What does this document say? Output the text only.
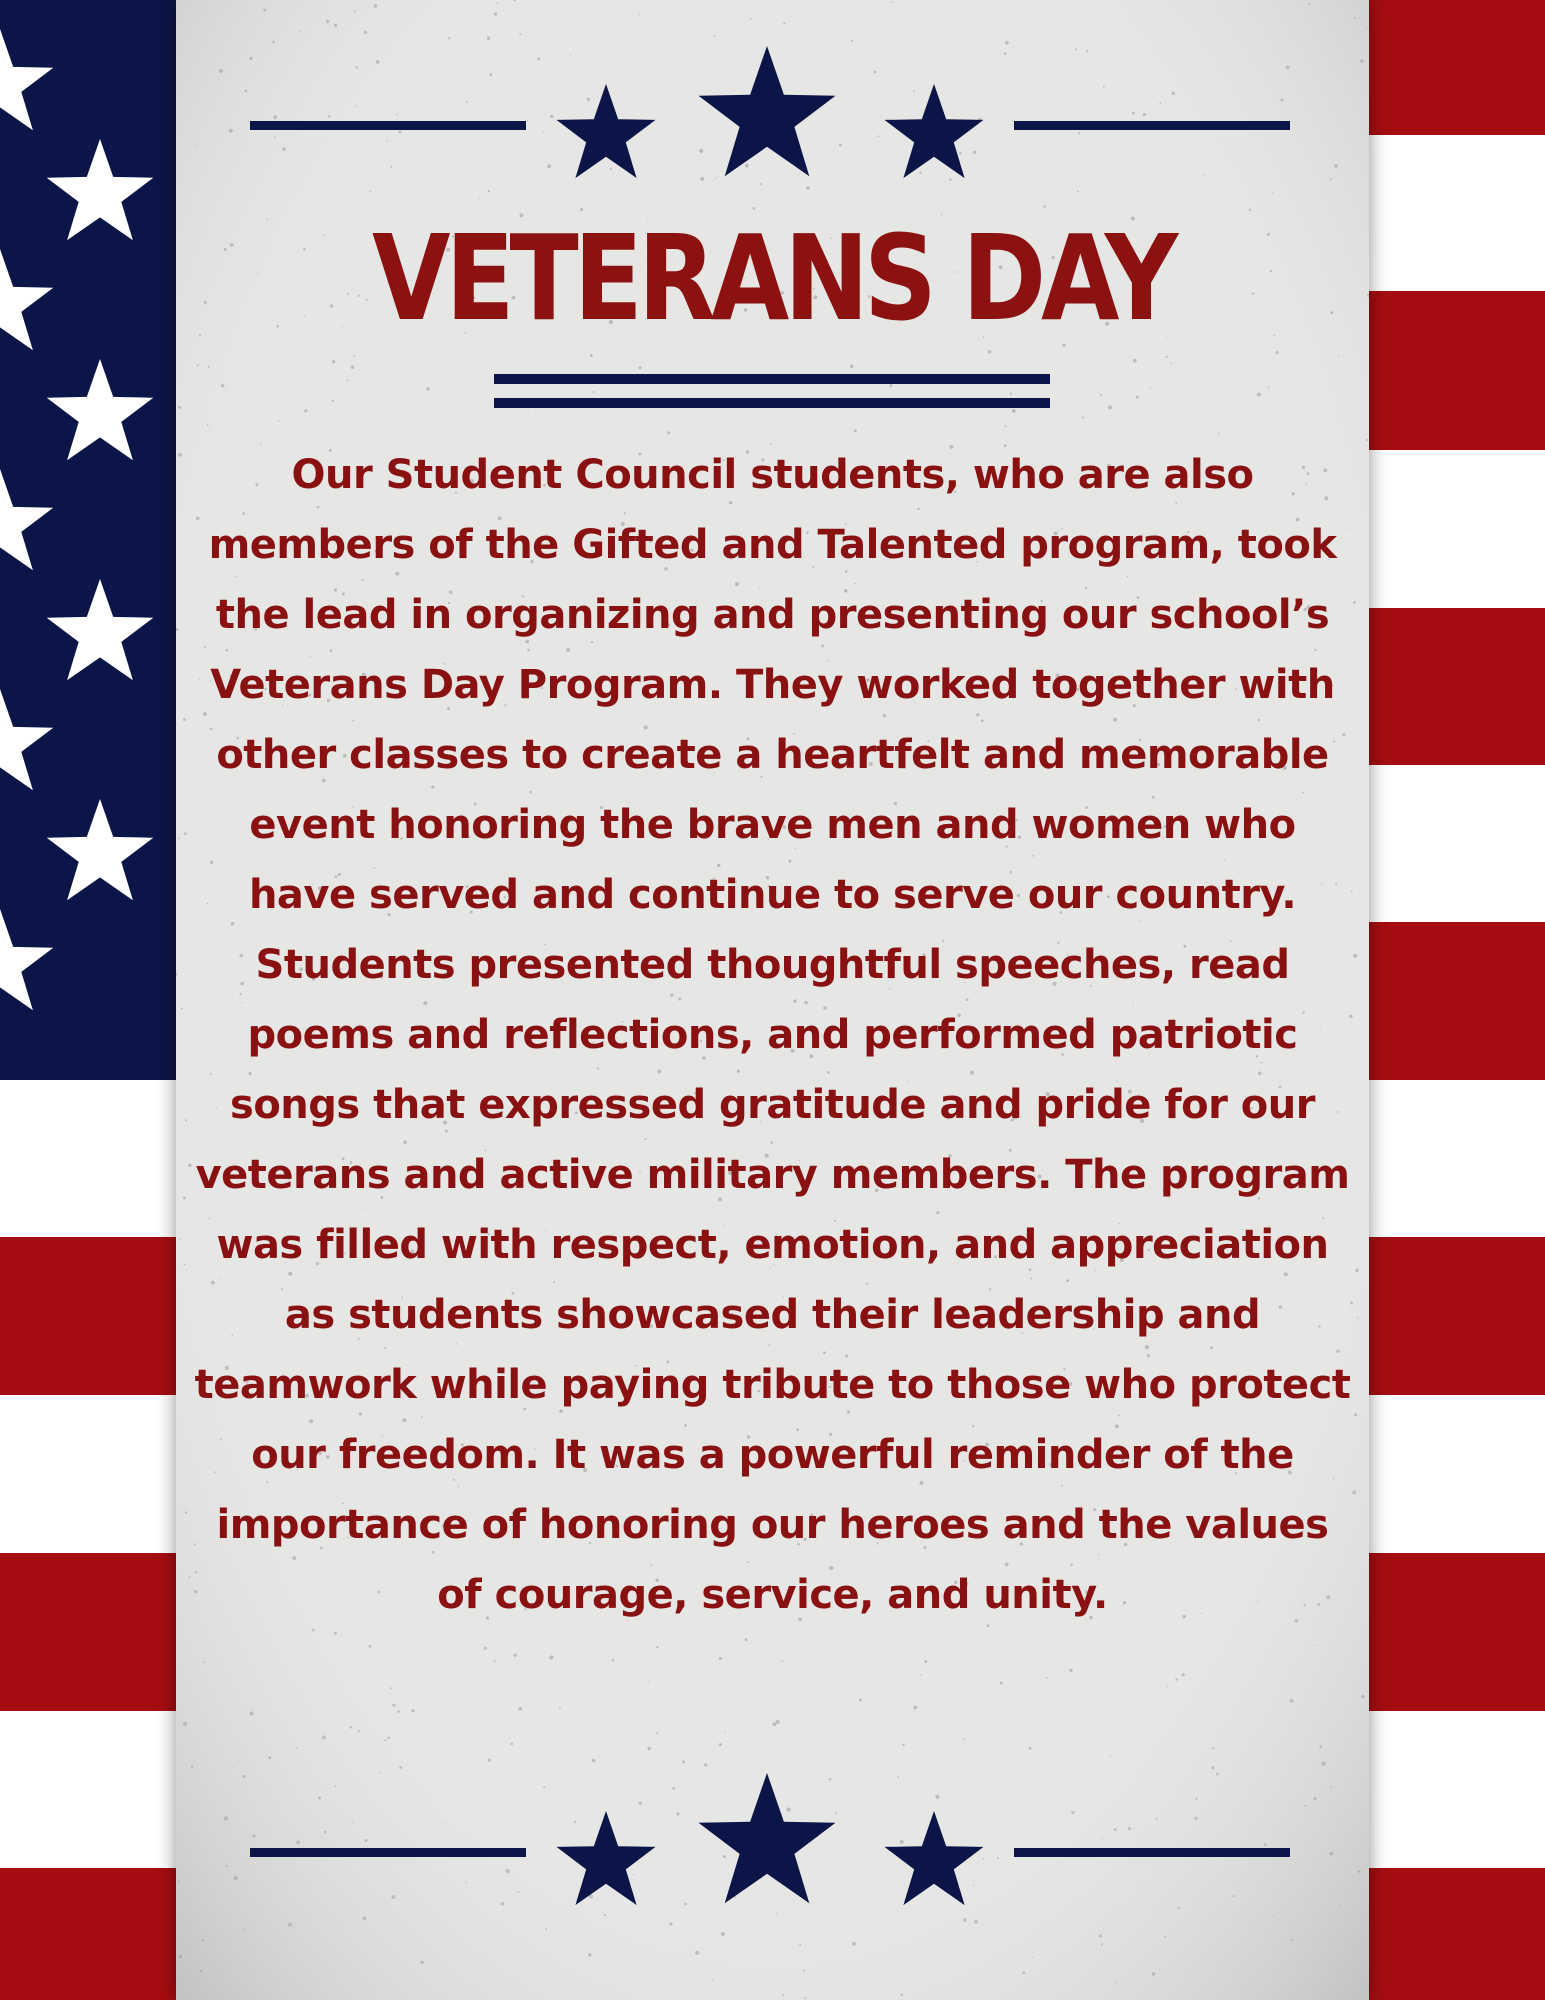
VETERANS DAY

Our Student Council students, who are also members of the Gifted and Talented program, took the lead in organizing and presenting our school’s Veterans Day Program. They worked together with other classes to create a heartfelt and memorable event honoring the brave men and women who have served and continue to serve our country. Students presented thoughtful speeches, read poems and reflections, and performed patriotic songs that expressed gratitude and pride for our veterans and active military members. The program was filled with respect, emotion, and appreciation as students showcased their leadership and teamwork while paying tribute to those who protect our freedom. It was a powerful reminder of the importance of honoring our heroes and the values of courage, service, and unity.
